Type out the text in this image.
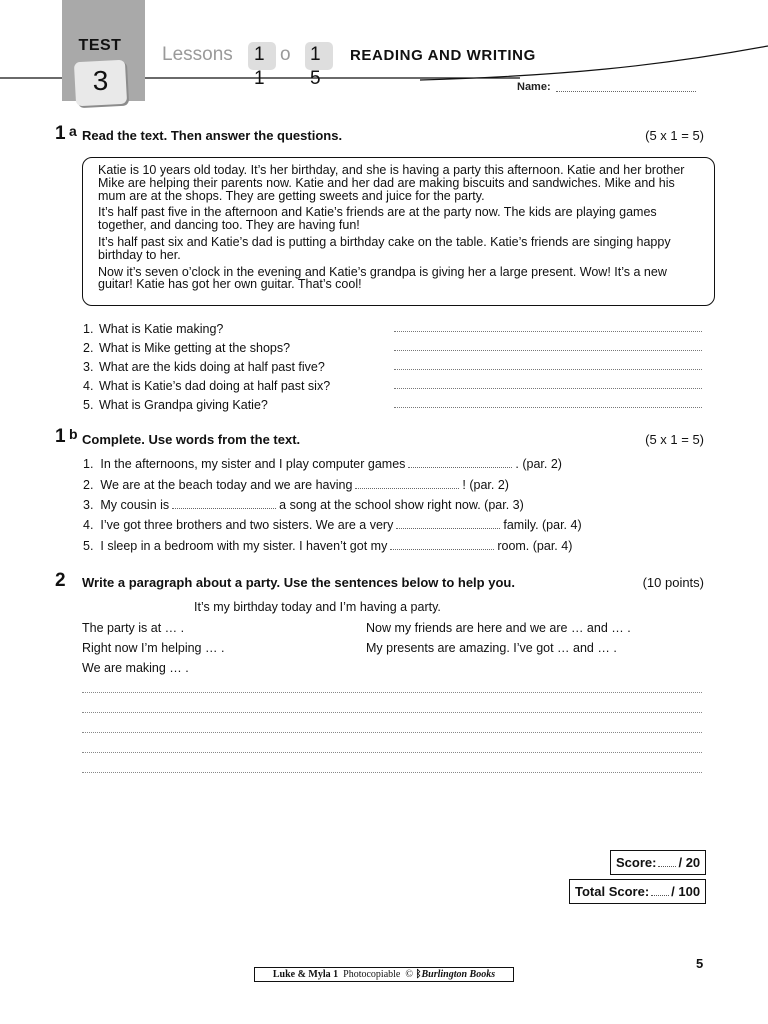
TEST
3
Lessons 1
1
o 1
5
READING AND WRITING
Name:
1 a Read the text. Then answer the questions.	(5 x 1 = 5)

Katie is 10 years old today. It’s her birthday, and she is having a party this afternoon. Katie and her brother Mike are helping their parents now. Katie and her dad are making biscuits and sandwiches. Mike and his mum are at the shops. They are getting sweets and juice for the party.

It’s half past five in the afternoon and Katie’s friends are at the party now. The kids are playing games together, and dancing too. They are having fun!

It’s half past six and Katie’s dad is putting a birthday cake on the table. Katie’s friends are singing happy birthday to her.

Now it’s seven o’clock in the evening and Katie’s grandpa is giving her a large present. Wow! It’s a new guitar! Katie has got her own guitar. That’s cool!

1. What is Katie making?
2. What is Mike getting at the shops?
3. What are the kids doing at half past five?
4. What is Katie’s dad doing at half past six?
5. What is Grandpa giving Katie?
1 b Complete. Use words from the text.	(5 x 1 = 5)
1. In the afternoons, my sister and I play computer games	. (par. 2)
2. We are at the beach today and we are having	! (par. 2)
3. My cousin is	a song at the school show right now. (par. 3)
4. I’ve got three brothers and two sisters. We are a very	family. (par. 4)
5. I sleep in a bedroom with my sister. I haven’t got my	room. (par. 4)
2 Write a paragraph about a party. Use the sentences below to help you.	(10 points)
It’s my birthday today and I’m having a party.
The party is at … .
Right now I’m helping … .
We are making … .
Now my friends are here and we are … and … .
My presents are amazing. I’ve got … and … .
Score: / 20
Total Score: / 100
5
Luke & Myla 1 Photocopiable © ᛒBurlington Books
